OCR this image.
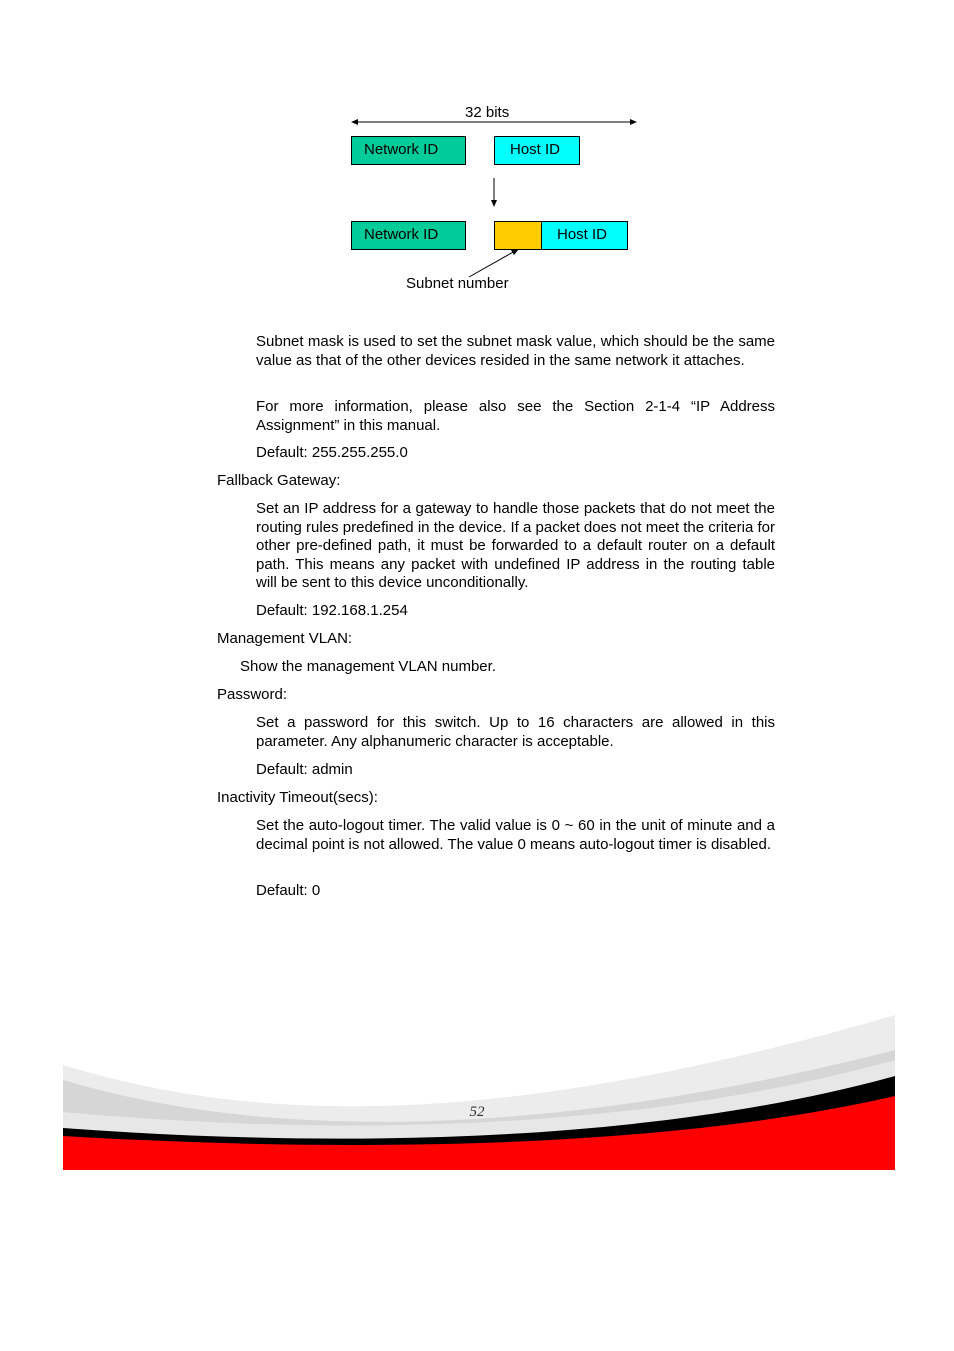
32 bits
Network ID	Host ID
Network ID	Host ID
Subnet number

Subnet mask is used to set the subnet mask value, which should be the same value as that of the other devices resided in the same network it attaches.

For more information, please also see the Section 2-1-4 “IP Address Assignment” in this manual.

Default: 255.255.255.0

Fallback Gateway:

Set an IP address for a gateway to handle those packets that do not meet the routing rules predefined in the device. If a packet does not meet the criteria for other pre-defined path, it must be forwarded to a default router on a default path. This means any packet with undefined IP address in the routing table will be sent to this device unconditionally.

Default: 192.168.1.254

Management VLAN:

Show the management VLAN number.

Password:

Set a password for this switch. Up to 16 characters are allowed in this parameter. Any alphanumeric character is acceptable.

Default: admin

Inactivity Timeout(secs):

Set the auto-logout timer. The valid value is 0 ~ 60 in the unit of minute and a decimal point is not allowed. The value 0 means auto-logout timer is disabled.

Default: 0

52
